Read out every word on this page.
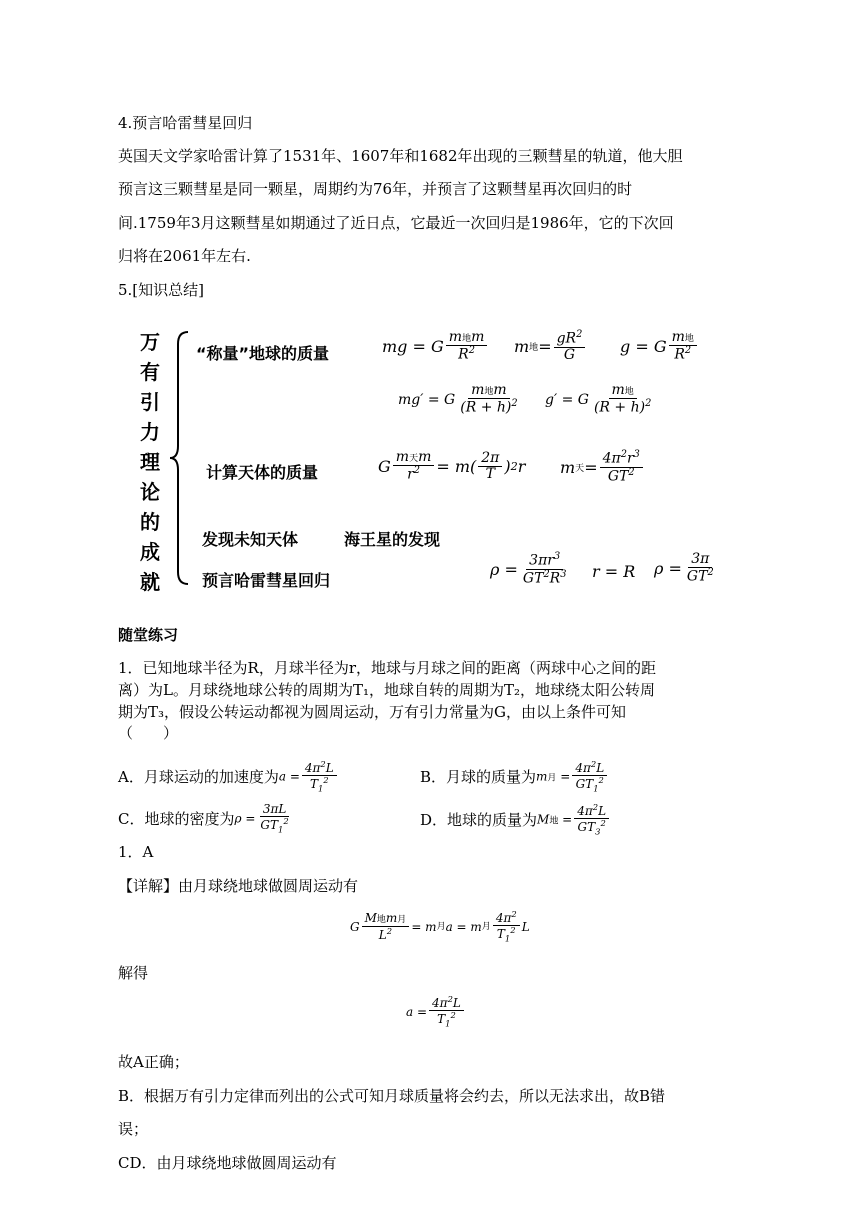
4.预言哈雷彗星回归
英国天文学家哈雷计算了1531年、1607年和1682年出现的三颗彗星的轨道，他大胆
预言这三颗彗星是同一颗星，周期约为76年，并预言了这颗彗星再次回归的时
间.1759年3月这颗彗星如期通过了近日点，它最近一次回归是1986年，它的下次回
归将在2061年左右.
5.[知识总结]
万
有
引
力
理
论
的
成
就
“称量”地球的质量	mg = G $\frac{\text{m地m}}{R^2}$ m 地 = $\frac{gR^2}{G}$ g = G $\frac{\text{m地}}{R^2}$
mg′ = G $\frac{\text{m地m}}{(R + h)^2} g' = G \frac{\text{m地}}{(R + h)^2}$
计算天体的质量	G $\frac{\text{m天m}}{r^2} = m( \frac{2\pi}{T}$ ) 2 r m 天 = $\frac{4\pi^2r^3}{GT^2}$
发现未知天体	海王星的发现
预言哈雷彗星回归
$\rho = \frac{3\pi r^3}{GT^2R^3}$ r = R $\rho = \frac{3\pi}{GT^2}$
随堂练习
1．已知地球半径为R，月球半径为r，地球与月球之间的距离（两球中心之间的距
离）为L。月球绕地球公转的周期为T₁，地球自转的周期为T₂，地球绕太阳公转周
期为T₃，假设公转运动都视为圆周运动，万有引力常量为G，由以上条件可知
（　　）
A．月球运动的加速度为 $a = \frac{4\pi^2L}{T_1^2}$	B．月球的质量为 m月 = $\frac{4\pi^2L}{GT_1^2}$
C．地球的密度为 $\rho = \frac{3\pi L}{GT_1^2}$	D．地球的质量为 M地 = $\frac{4\pi^2L}{GT_3^2}$
1．A
【详解】由月球绕地球做圆周运动有
G $\frac{\text{M地m月}}{L^2} = m$ 月 a = m 月 $\frac{4\pi^2}{T_1^2}$ L
解得
$a = \frac{4\pi^2L}{T_1^2}$
故A正确；
B．根据万有引力定律而列出的公式可知月球质量将会约去，所以无法求出，故B错
误；
CD．由月球绕地球做圆周运动有
